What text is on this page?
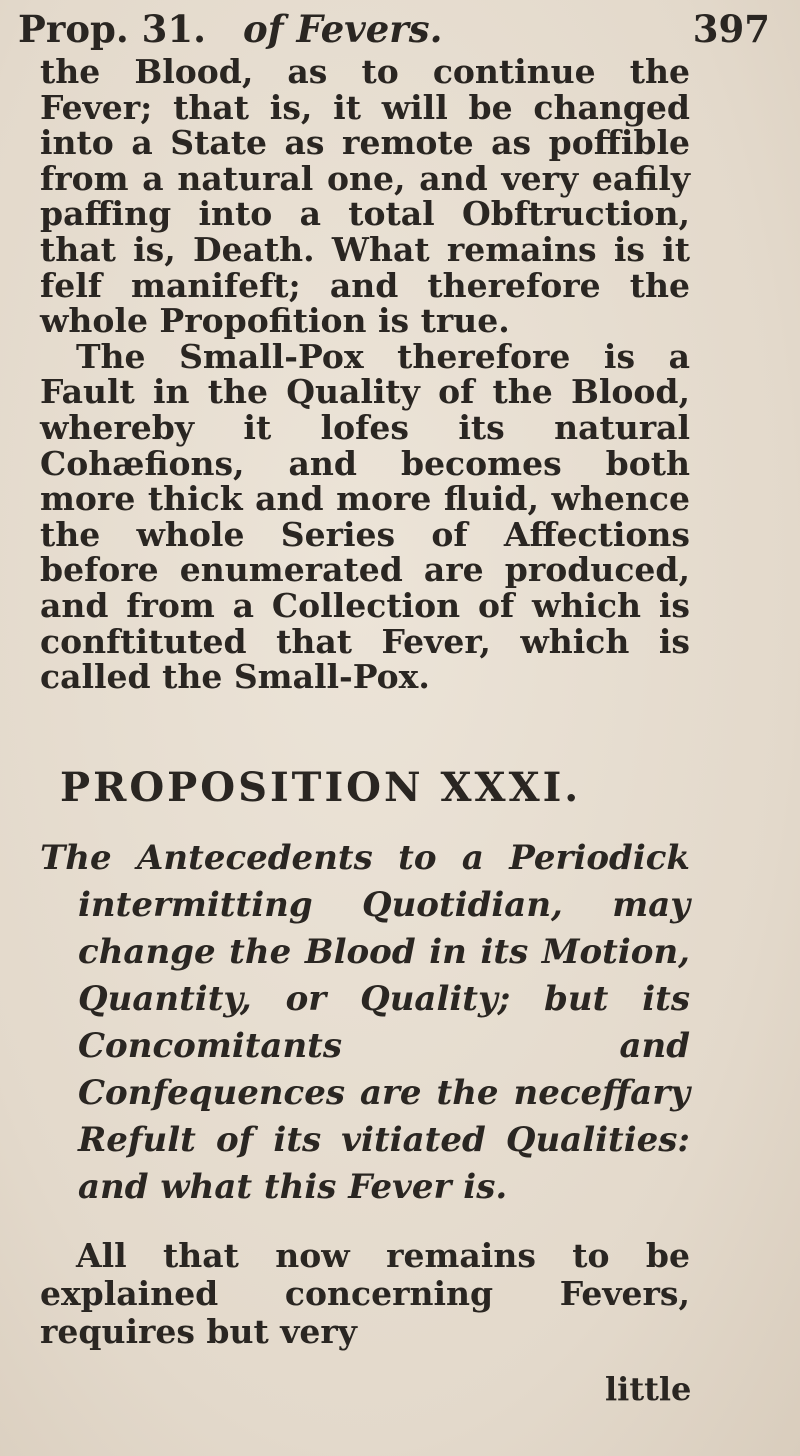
Prop. 31. of Fevers.	397

the Blood, as to continue the Fever; that is, it will be changed into a State as remote as poffible from a natural one, and very eafily paffing into a total Obftruction, that is, Death. What remains is it felf manifeft; and therefore the whole Propofition is true.

The Small-Pox therefore is a Fault in the Quality of the Blood, whereby it lofes its natural Cohæfions, and becomes both more thick and more fluid, whence the whole Series of Affections before enumerated are produced, and from a Collection of which is conftituted that Fever, which is called the Small-Pox.

PROPOSITION XXXI.

The Antecedents to a Periodick intermitting Quotidian, may change the Blood in its Motion, Quantity, or Quality; but its Concomitants and Confequences are the neceffary Refult of its vitiated Qualities: and what this Fever is.

All that now remains to be explained concerning Fevers, requires but very

little
